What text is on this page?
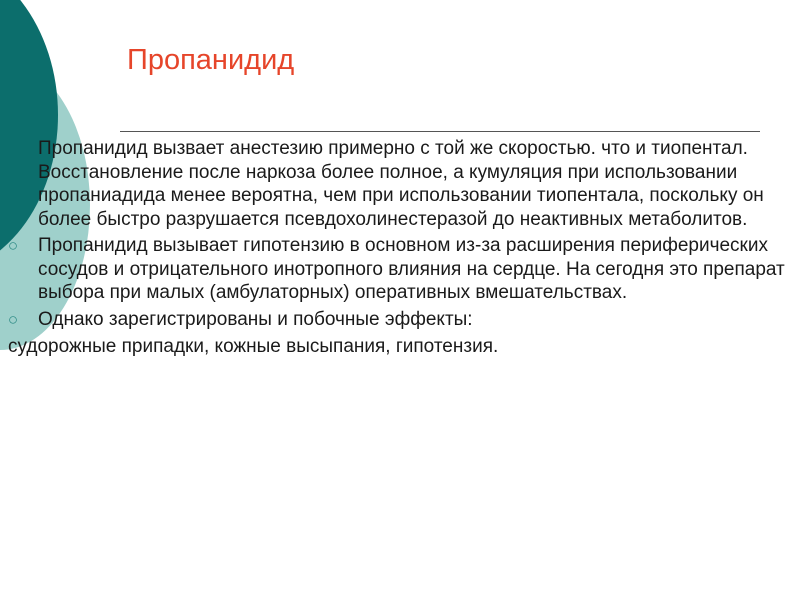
Пропанидид
Пропанидид вызвает анестезию примерно с той же скоростью. что и тиопентал. Восстановление после наркоза более полное, а кумуляция при использовании пропаниадида менее вероятна, чем при использовании тиопентала, поскольку он более быстро разрушается псевдохолинестеразой до неактивных метаболитов.
○ Пропанидид вызывает гипотензию в основном из-за расширения периферических сосудов и отрицательного инотропного влияния на сердце. На сегодня это препарат выбора при малых (амбулаторных) оперативных вмешательствах.
○ Однако зарегистрированы и побочные эффекты:
судорожные припадки, кожные высыпания, гипотензия.
